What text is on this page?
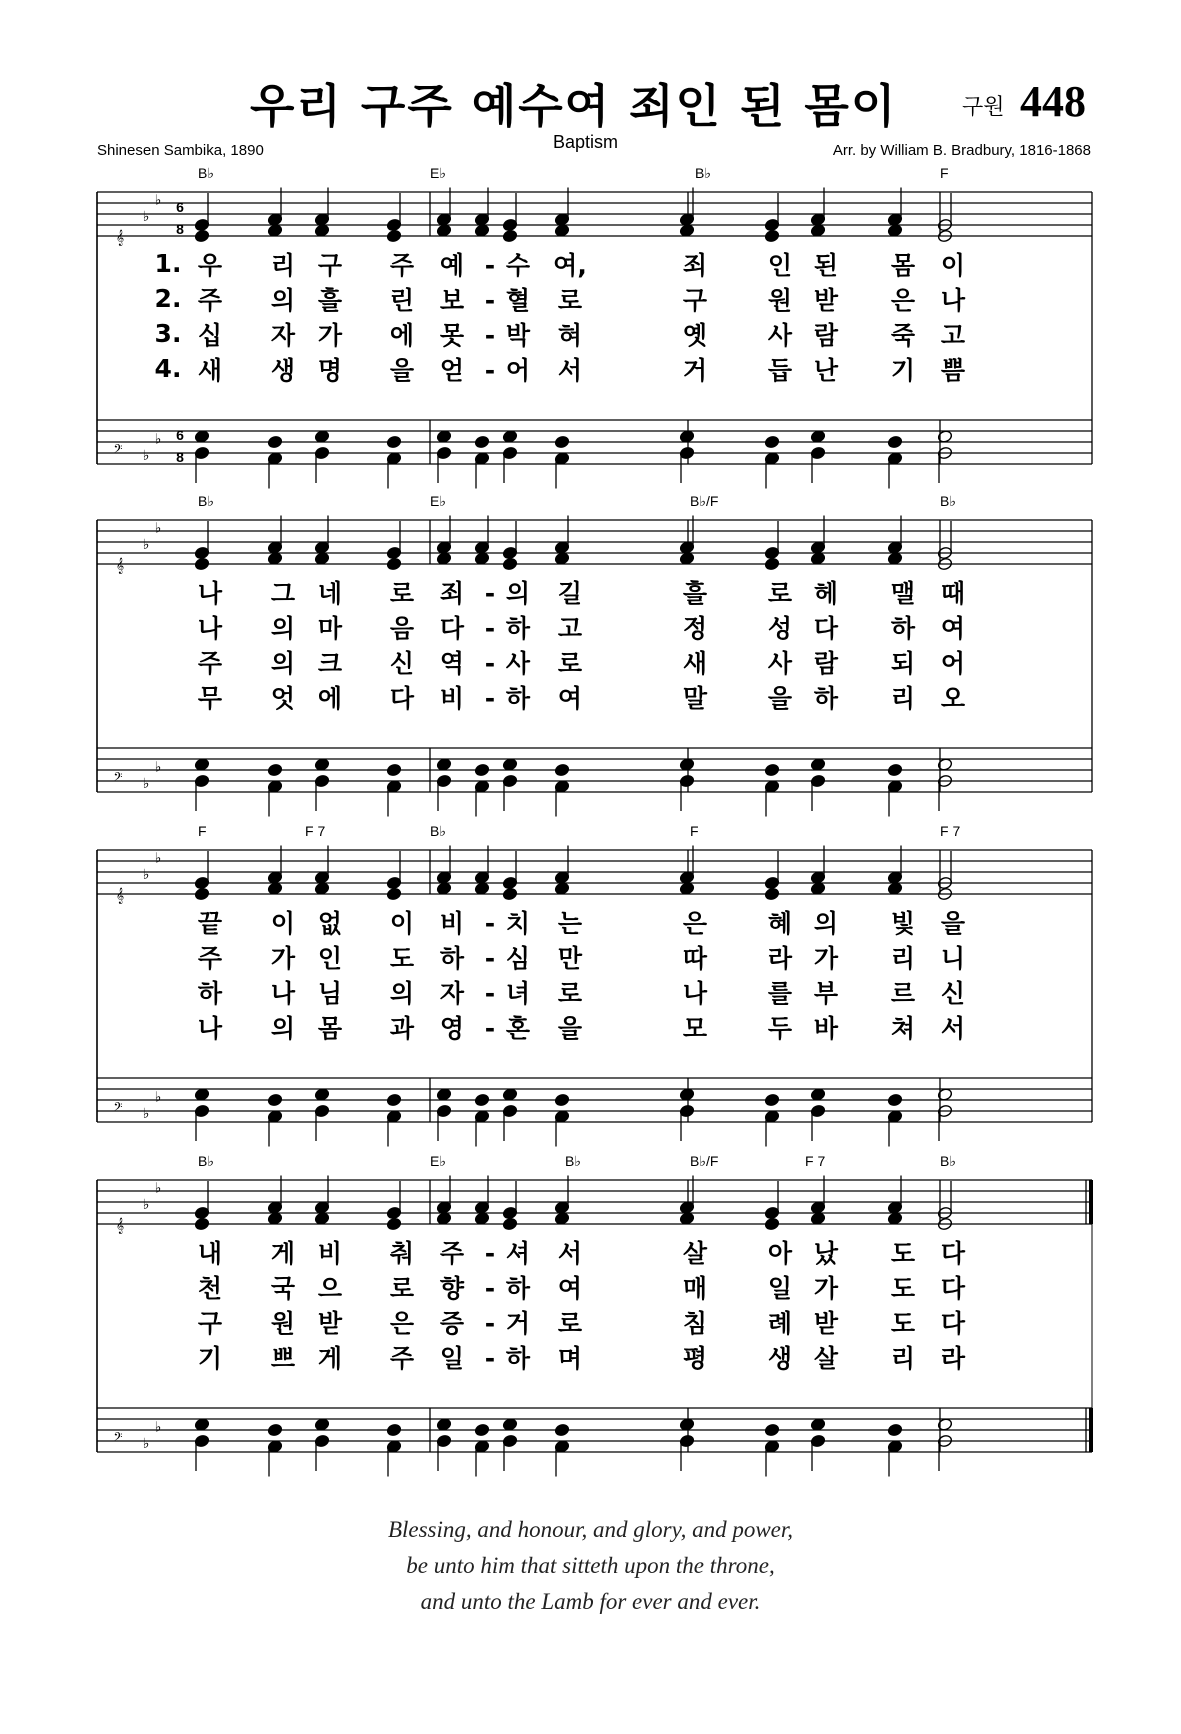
우리 구주 예수여 죄인 된 몸이	구원 448
Shinesen Sambika, 1890	Baptism	Arr. by William B. Bradbury, 1816-1868
𝄞
𝄢
♭
♭
♭
♭
6
8
6
8
B♭	E♭	B♭	F
1. 우 리 구 주 예 - 수 여,	죄 인 된 몸 이
2. 주 의 흘 린 보 - 혈 로	구 원 받 은 나
3. 십 자 가 에 못 - 박 혀	옛 사 람 죽 고
4. 새 생 명 을 얻 - 어 서	거 듭 난 기 쁨
𝄞
𝄢
♭
♭
♭
♭
B♭	E♭	B♭/F	B♭
나 그 네 로 죄 - 의 길	흘 로 헤 맬 때
나 의 마 음 다 - 하 고	정 성 다 하 여
주 의 크 신 역 - 사 로	새 사 람 되 어
무 엇 에 다 비 - 하 여	말 을 하 리 오
𝄞
𝄢
♭
♭
♭
♭
F	F 7	B♭	F	F 7
끝 이 없 이 비 - 치 는	은 혜 의 빛 을
주 가 인 도 하 - 심 만	따 라 가 리 니
하 나 님 의 자 - 녀 로	나 를 부 르 신
나 의 몸 과 영 - 혼 을	모 두 바 쳐 서
𝄞
𝄢
♭
♭
♭
♭
B♭	E♭	B♭	B♭/F	F 7	B♭
내 게 비 춰 주 - 셔 서	살 아 났 도 다
천 국 으 로 향 - 하 여	매 일 가 도 다
구 원 받 은 증 - 거 로	침 례 받 도 다
기 쁘 게 주 일 - 하 며	평 생 살 리 라
Blessing, and honour, and glory, and power,
be unto him that sitteth upon the throne,
and unto the Lamb for ever and ever.
